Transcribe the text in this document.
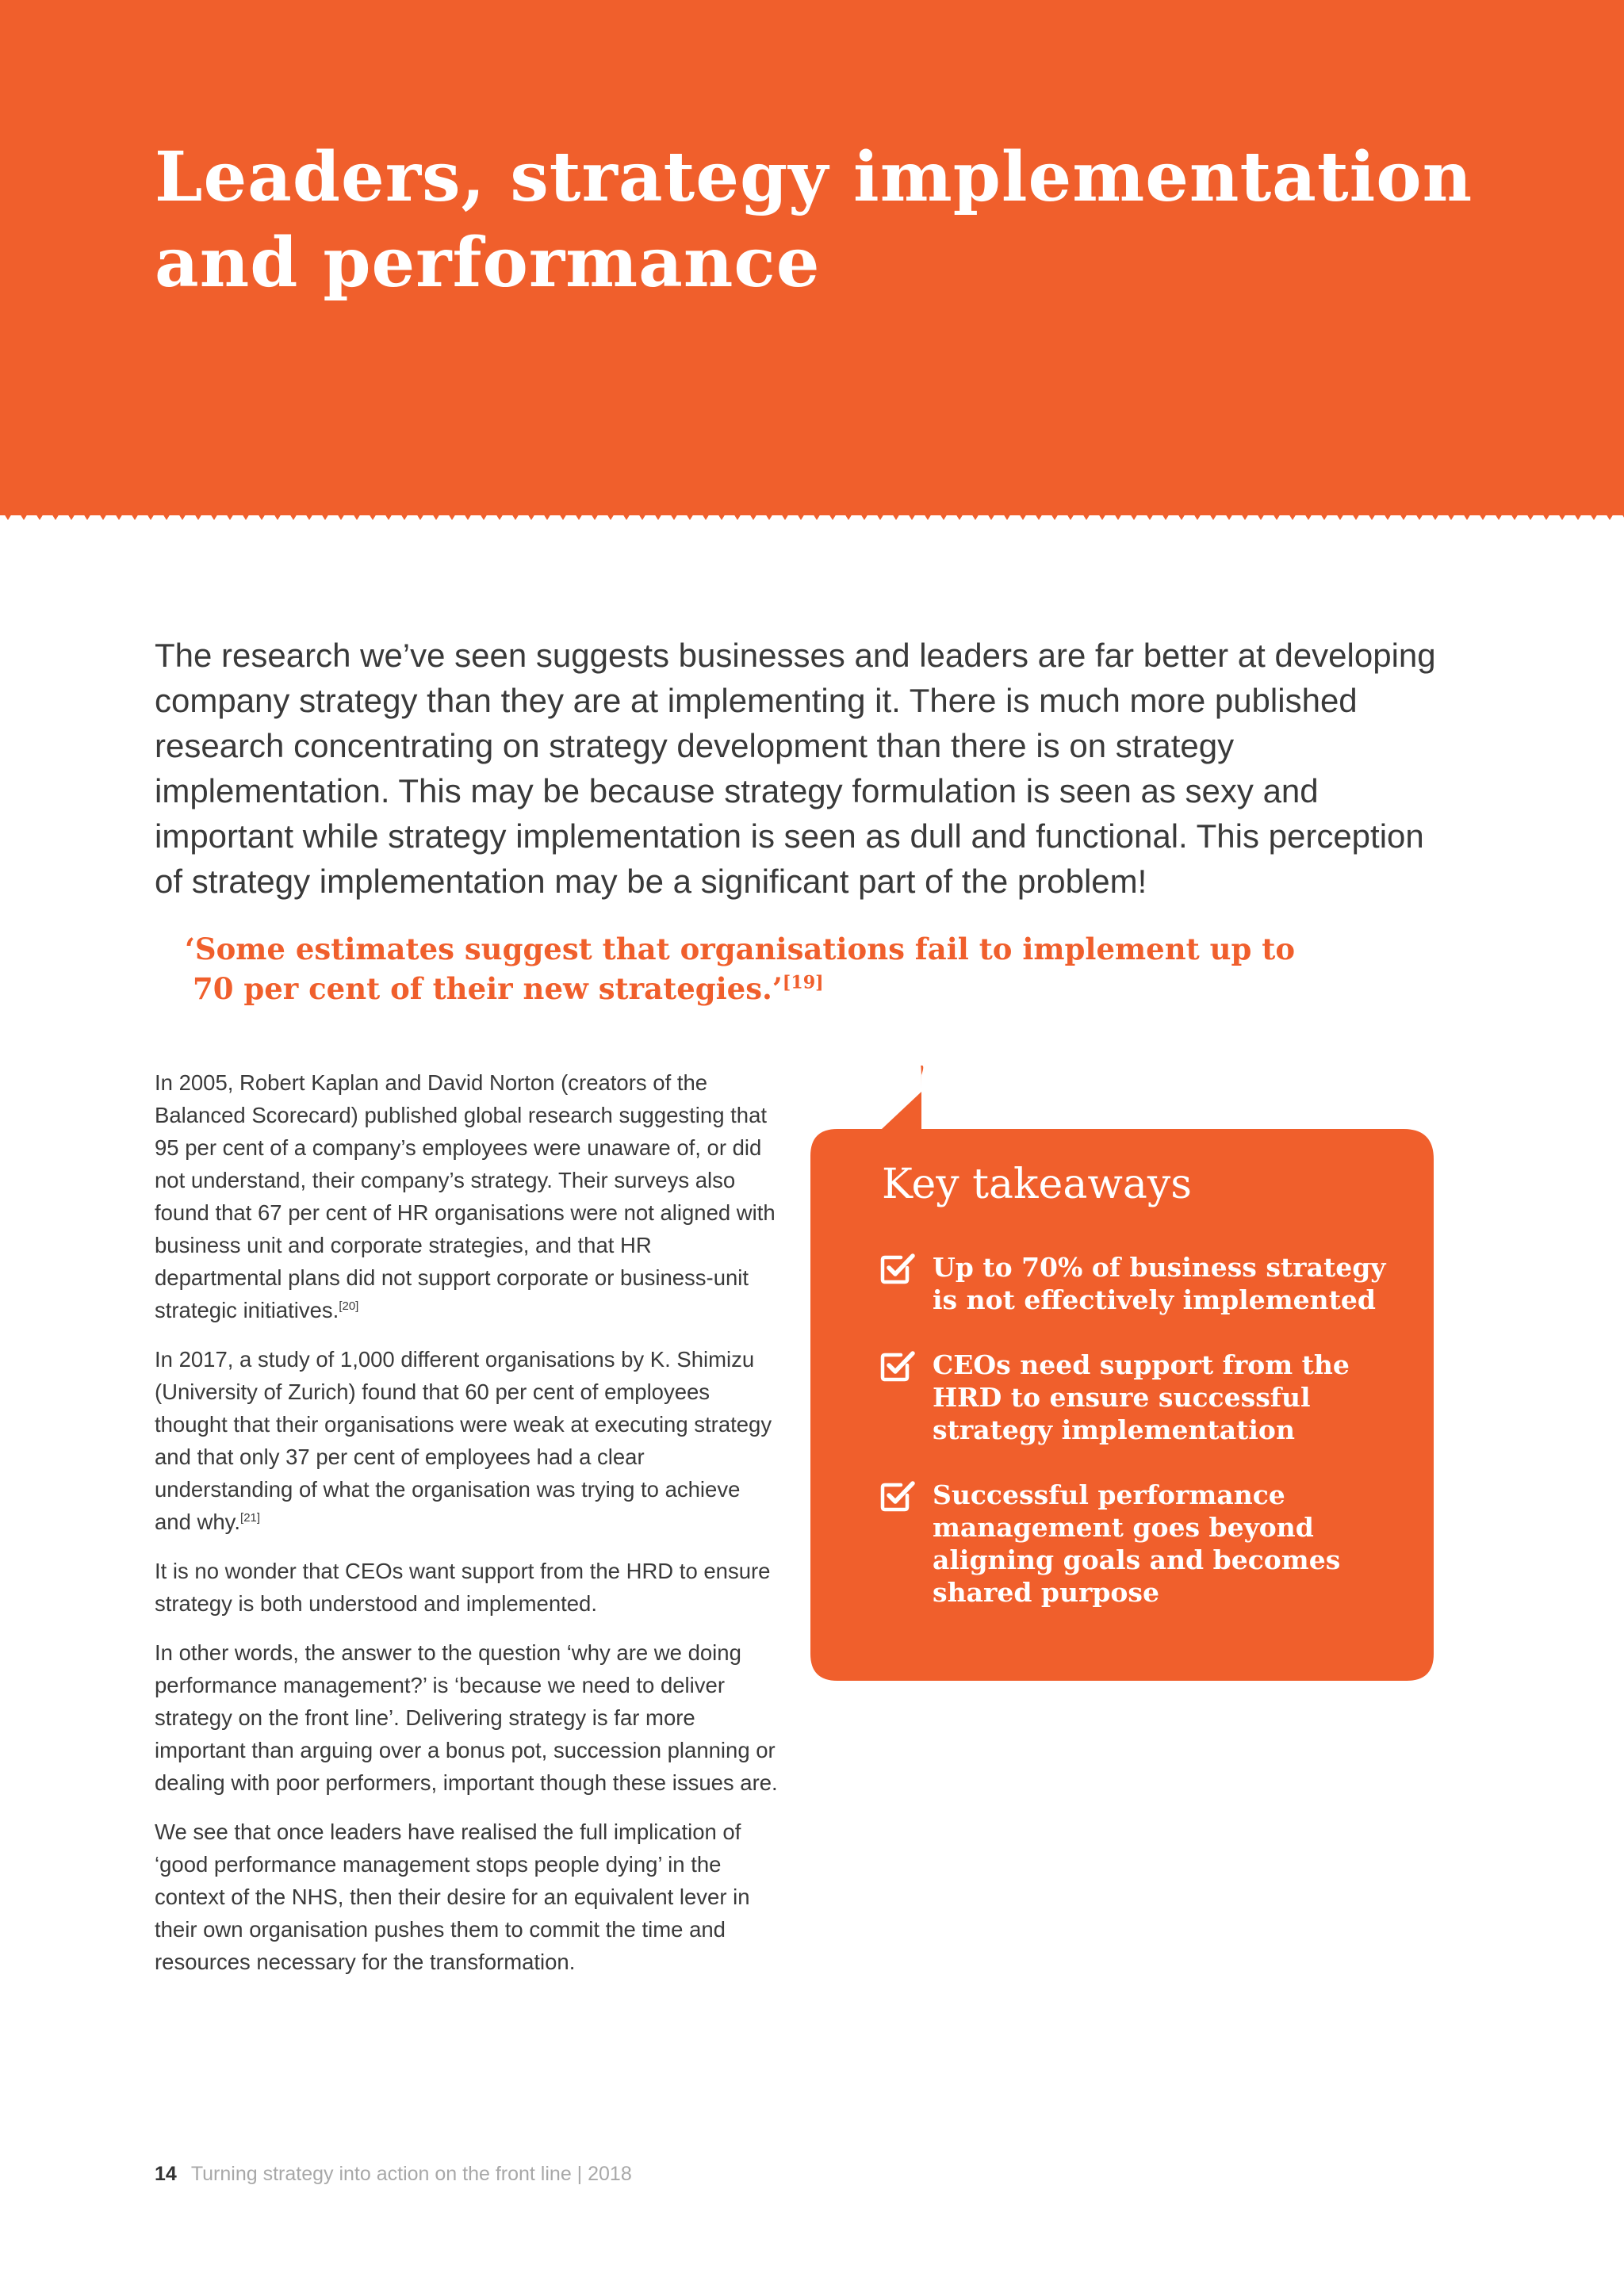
Leaders, strategy implementation
and performance

The research we’ve seen suggests businesses and leaders are far better at developing company strategy than they are at implementing it. There is much more published research concentrating on strategy development than there is on strategy implementation. This may be because strategy formulation is seen as sexy and important while strategy implementation is seen as dull and functional. This perception of strategy implementation may be a significant part of the problem!

‘Some estimates suggest that organisations fail to implement up to
70 per cent of their new strategies.’[19]

In 2005, Robert Kaplan and David Norton (creators of the Balanced Scorecard) published global research suggesting that 95 per cent of a company’s employees were unaware of, or did not understand, their company’s strategy. Their surveys also found that 67 per cent of HR organisations were not aligned with business unit and corporate strategies, and that HR departmental plans did not support corporate or business-unit strategic initiatives.[20]

In 2017, a study of 1,000 different organisations by K. Shimizu (University of Zurich) found that 60 per cent of employees thought that their organisations were weak at executing strategy and that only 37 per cent of employees had a clear understanding of what the organisation was trying to achieve and why.[21]

It is no wonder that CEOs want support from the HRD to ensure strategy is both understood and implemented.

In other words, the answer to the question ‘why are we doing performance management?’ is ‘because we need to deliver strategy on the front line’. Delivering strategy is far more important than arguing over a bonus pot, succession planning or dealing with poor performers, important though these issues are.

We see that once leaders have realised the full implication of ‘good performance management stops people dying’ in the context of the NHS, then their desire for an equivalent lever in their own organisation pushes them to commit the time and resources necessary for the transformation.

Key takeaways
Up to 70% of business strategy is not effectively implemented
CEOs need support from the HRD to ensure successful strategy implementation
Successful performance management goes beyond aligning goals and becomes shared purpose
14 Turning strategy into action on the front line | 2018
